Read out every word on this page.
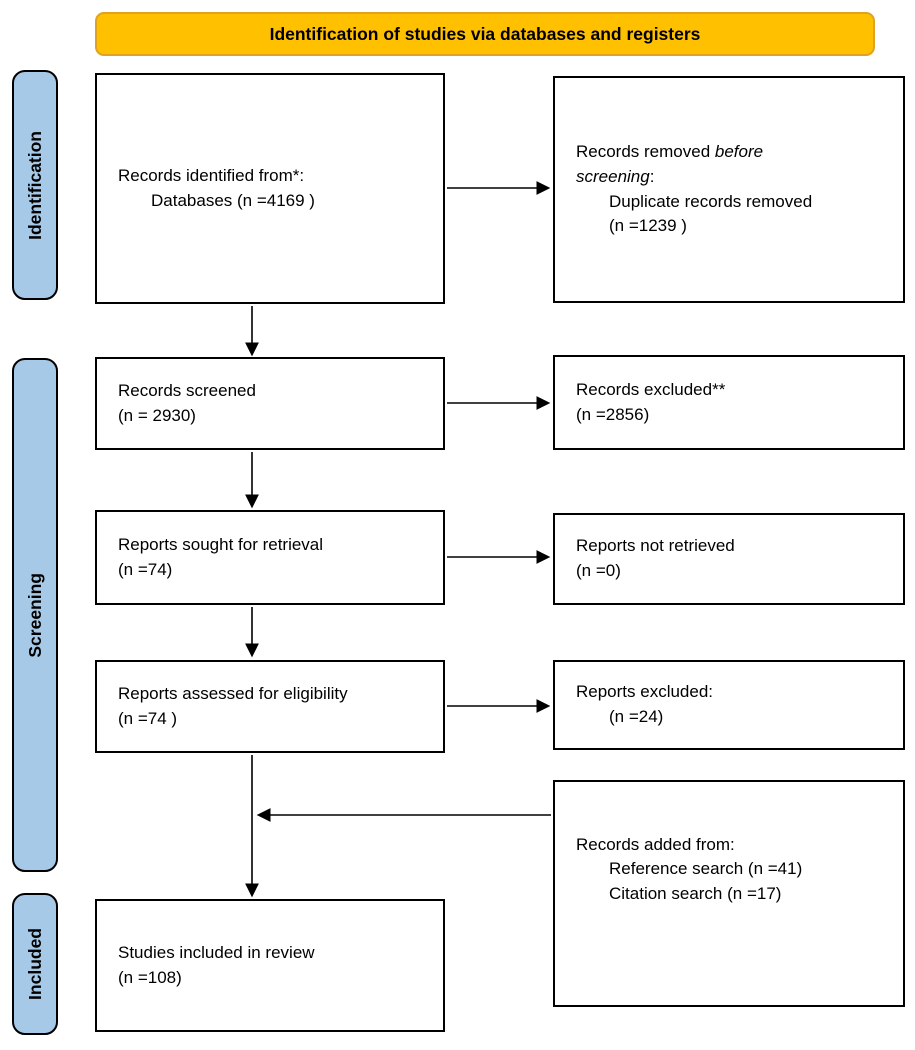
Identification of studies via databases and registers
Identification
Screening
Included
Records identified from*:
Databases (n =4169 )
Records screened
(n = 2930)
Reports sought for retrieval
(n =74)
Reports assessed for eligibility
(n =74 )
Studies included in review
(n =108)
Records removed before
screening:
Duplicate records removed
(n =1239 )
Records excluded**
(n =2856)
Reports not retrieved
(n =0)
Reports excluded:
(n =24)
Records added from:
Reference search (n =41)
Citation search (n =17)
